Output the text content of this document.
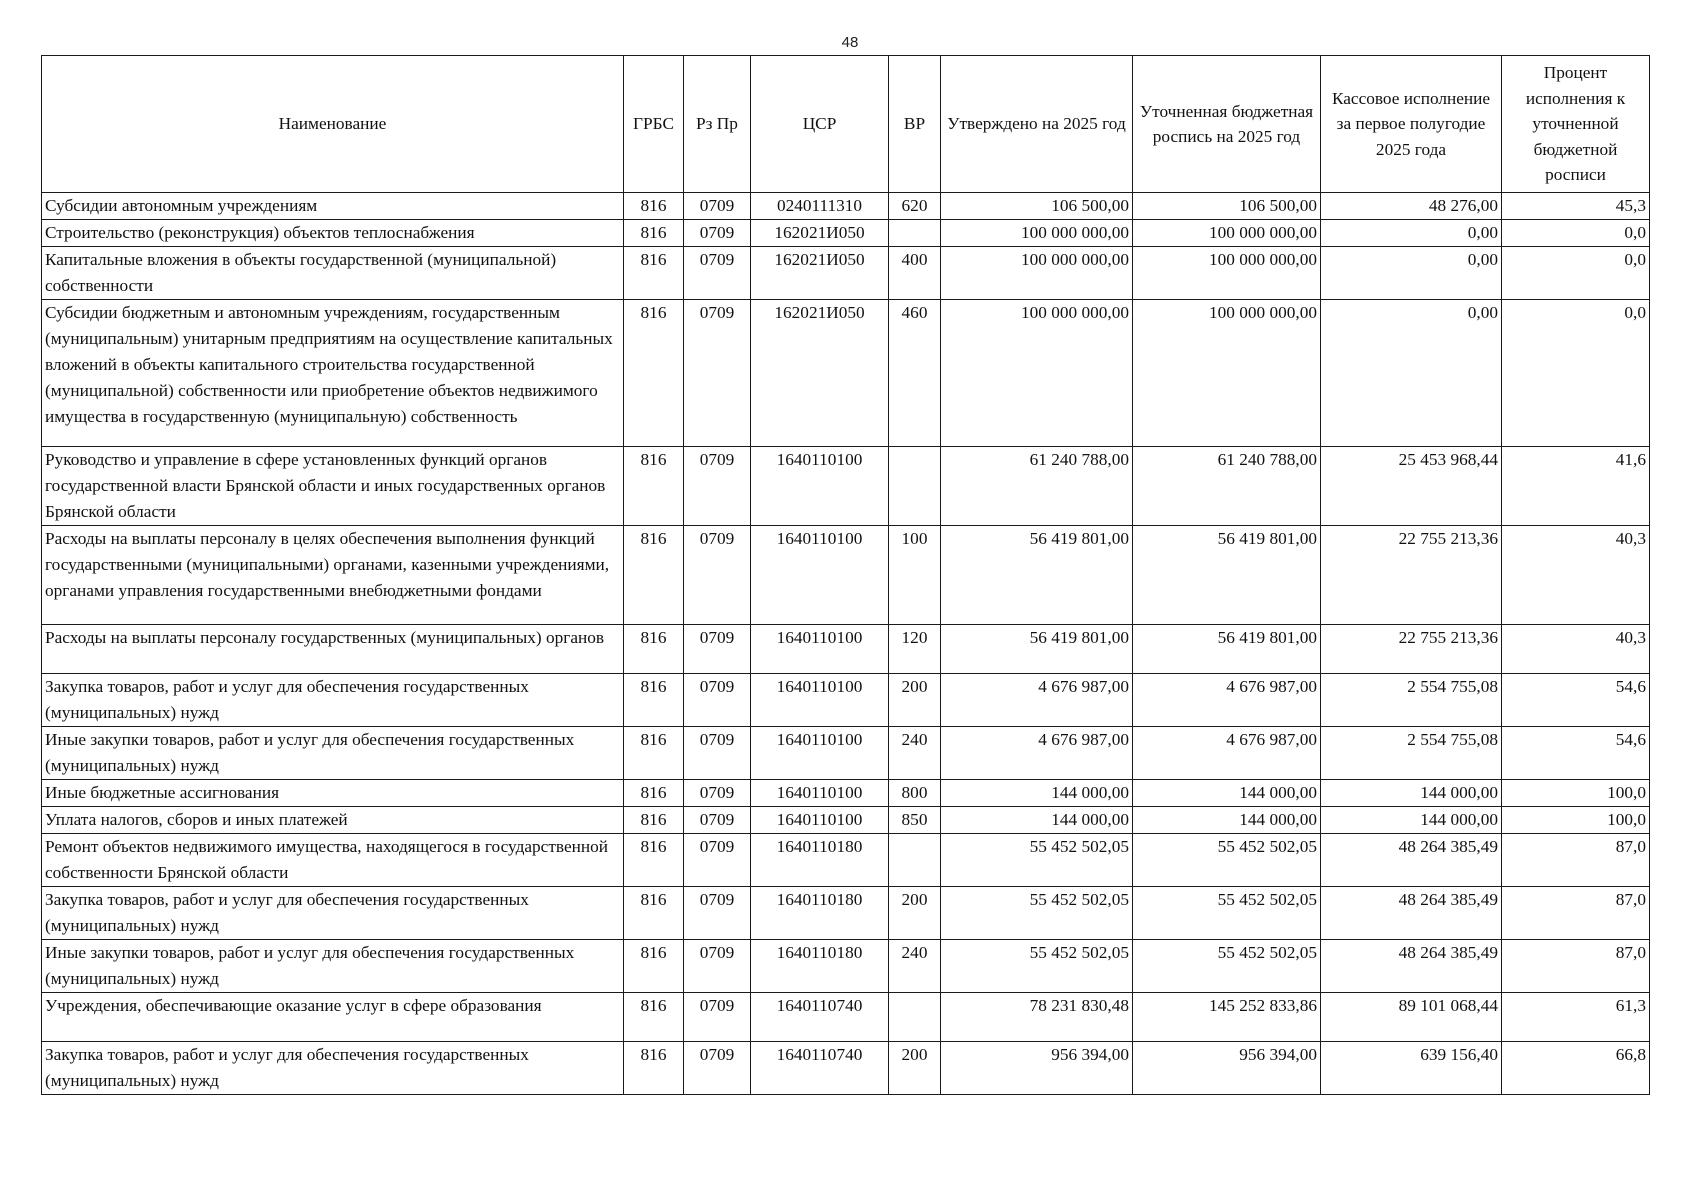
48
Наименование	ГРБС	Рз Пр	ЦСР	ВР	Утверждено на 2025 год	Уточненная бюджетная роспись на 2025 год	Кассовое исполнение за первое полугодие 2025 года	Процент исполнения к уточненной бюджетной росписи
Субсидии автономным учреждениям	816	0709	0240111310	620	106 500,00	106 500,00	48 276,00	45,3
Строительство (реконструкция) объектов теплоснабжения	816	0709	162021И050		100 000 000,00	100 000 000,00	0,00	0,0
Капитальные вложения в объекты государственной (муниципальной) собственности	816	0709	162021И050	400	100 000 000,00	100 000 000,00	0,00	0,0
Субсидии бюджетным и автономным учреждениям, государственным (муниципальным) унитарным предприятиям на осуществление капитальных вложений в объекты капитального строительства государственной (муниципальной) собственности или приобретение объектов недвижимого имущества в государственную (муниципальную) собственность	816	0709	162021И050	460	100 000 000,00	100 000 000,00	0,00	0,0
Руководство и управление в сфере установленных функций органов государственной власти Брянской области и иных государственных органов Брянской области	816	0709	1640110100		61 240 788,00	61 240 788,00	25 453 968,44	41,6
Расходы на выплаты персоналу в целях обеспечения выполнения функций государственными (муниципальными) органами, казенными учреждениями, органами управления государственными внебюджетными фондами	816	0709	1640110100	100	56 419 801,00	56 419 801,00	22 755 213,36	40,3
Расходы на выплаты персоналу государственных (муниципальных) органов	816	0709	1640110100	120	56 419 801,00	56 419 801,00	22 755 213,36	40,3
Закупка товаров, работ и услуг для обеспечения государственных (муниципальных) нужд	816	0709	1640110100	200	4 676 987,00	4 676 987,00	2 554 755,08	54,6
Иные закупки товаров, работ и услуг для обеспечения государственных (муниципальных) нужд	816	0709	1640110100	240	4 676 987,00	4 676 987,00	2 554 755,08	54,6
Иные бюджетные ассигнования	816	0709	1640110100	800	144 000,00	144 000,00	144 000,00	100,0
Уплата налогов, сборов и иных платежей	816	0709	1640110100	850	144 000,00	144 000,00	144 000,00	100,0
Ремонт объектов недвижимого имущества, находящегося в государственной собственности Брянской области	816	0709	1640110180		55 452 502,05	55 452 502,05	48 264 385,49	87,0
Закупка товаров, работ и услуг для обеспечения государственных (муниципальных) нужд	816	0709	1640110180	200	55 452 502,05	55 452 502,05	48 264 385,49	87,0
Иные закупки товаров, работ и услуг для обеспечения государственных (муниципальных) нужд	816	0709	1640110180	240	55 452 502,05	55 452 502,05	48 264 385,49	87,0
Учреждения, обеспечивающие оказание услуг в сфере образования	816	0709	1640110740		78 231 830,48	145 252 833,86	89 101 068,44	61,3
Закупка товаров, работ и услуг для обеспечения государственных (муниципальных) нужд	816	0709	1640110740	200	956 394,00	956 394,00	639 156,40	66,8
